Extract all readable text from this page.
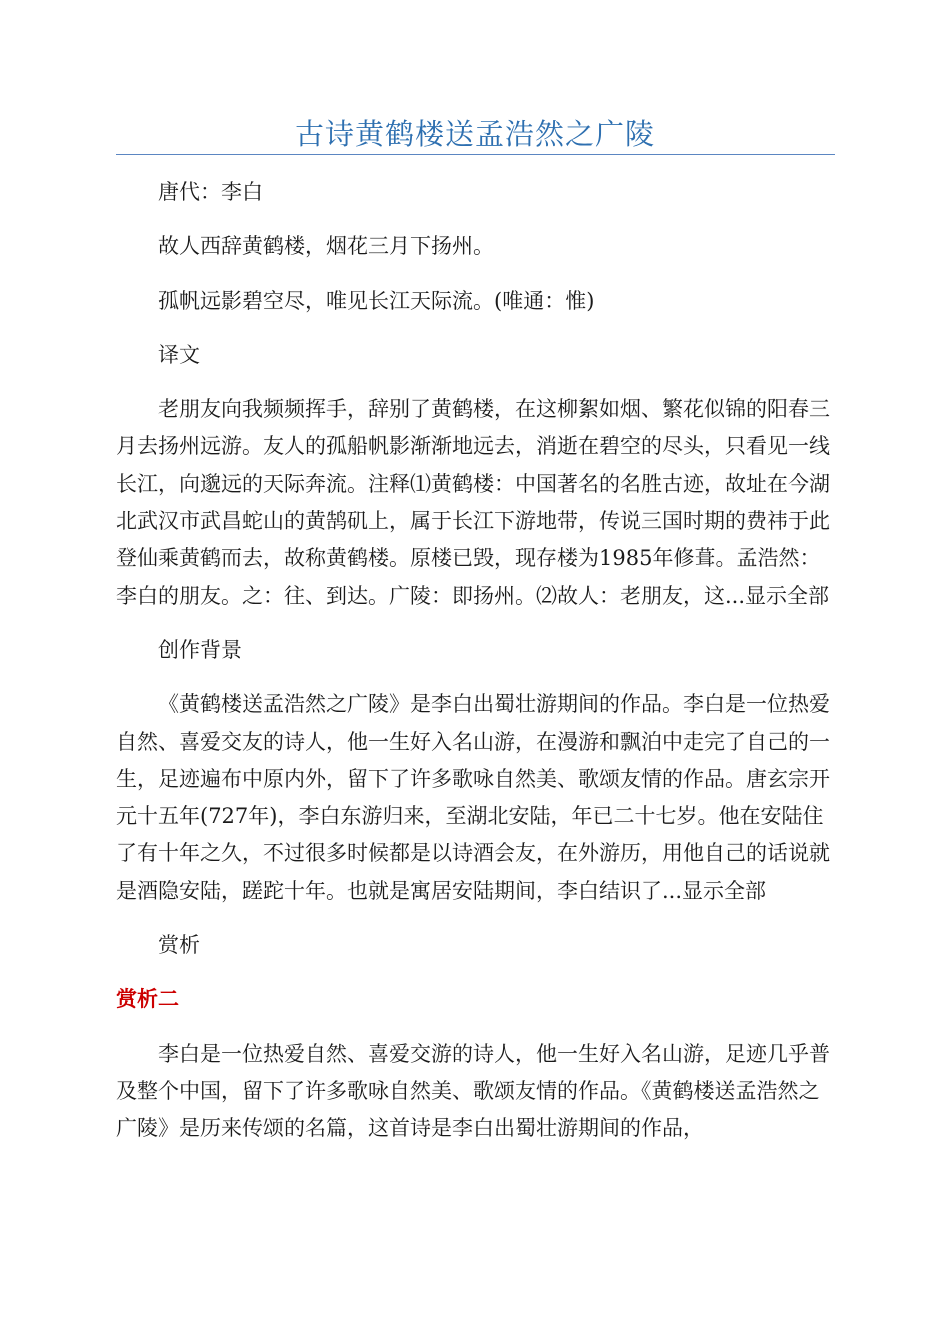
古诗黄鹤楼送孟浩然之广陵

唐代：李白

故人西辞黄鹤楼，烟花三月下扬州。

孤帆远影碧空尽，唯见长江天际流。(唯通：惟)

译文

老朋友向我频频挥手，辞别了黄鹤楼，在这柳絮如烟、繁花似锦的阳春三月去扬州远游。友人的孤船帆影渐渐地远去，消逝在碧空的尽头，只看见一线长江，向邈远的天际奔流。注释⑴黄鹤楼：中国著名的名胜古迹，故址在今湖北武汉市武昌蛇山的黄鹄矶上，属于长江下游地带，传说三国时期的费祎于此登仙乘黄鹤而去，故称黄鹤楼。原楼已毁，现存楼为1985年修葺。孟浩然：李白的朋友。之：往、到达。广陵：即扬州。⑵故人：老朋友，这...显示全部

创作背景

《黄鹤楼送孟浩然之广陵》是李白出蜀壮游期间的作品。李白是一位热爱自然、喜爱交友的诗人，他一生好入名山游，在漫游和飘泊中走完了自己的一生，足迹遍布中原内外，留下了许多歌咏自然美、歌颂友情的作品。唐玄宗开元十五年(727年)，李白东游归来，至湖北安陆，年已二十七岁。他在安陆住了有十年之久，不过很多时候都是以诗酒会友，在外游历，用他自己的话说就是酒隐安陆，蹉跎十年。也就是寓居安陆期间，李白结识了...显示全部

赏析

赏析二

李白是一位热爱自然、喜爱交游的诗人，他一生好入名山游，足迹几乎普及整个中国，留下了许多歌咏自然美、歌颂友情的作品。《黄鹤楼送孟浩然之广陵》是历来传颂的名篇，这首诗是李白出蜀壮游期间的作品，
